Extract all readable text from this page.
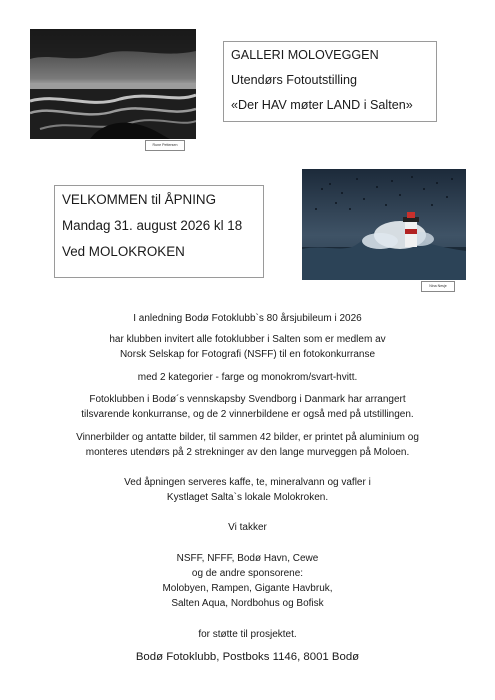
Rune Pettersen
GALLERI MOLOVEGGEN
Utendørs Fotoutstilling
«Der HAV møter LAND i Salten»
VELKOMMEN til ÅPNING
Mandag 31. august 2026 kl 18
Ved MOLOKROKEN
Nina Nesje
I anledning Bodø Fotoklubb`s 80 årsjubileum i 2026
har klubben invitert alle fotoklubber i Salten som er medlem av
Norsk Selskap for Fotografi (NSFF) til en fotokonkurranse
med 2 kategorier - farge og monokrom/svart-hvitt.
Fotoklubben i Bodø´s vennskapsby Svendborg i Danmark har arrangert
tilsvarende konkurranse, og de 2 vinnerbildene er også med på utstillingen.
Vinnerbilder og antatte bilder, til sammen 42 bilder, er printet på aluminium og
monteres utendørs på 2 strekninger av den lange murveggen på Moloen.
Ved åpningen serveres kaffe, te, mineralvann og vafler i
Kystlaget Salta`s lokale Molokroken.
Vi takker
NSFF, NFFF, Bodø Havn, Cewe
og de andre sponsorene:
Molobyen, Rampen, Gigante Havbruk,
Salten Aqua, Nordbohus og Bofisk
for støtte til prosjektet.
Bodø Fotoklubb, Postboks 1146, 8001 Bodø
